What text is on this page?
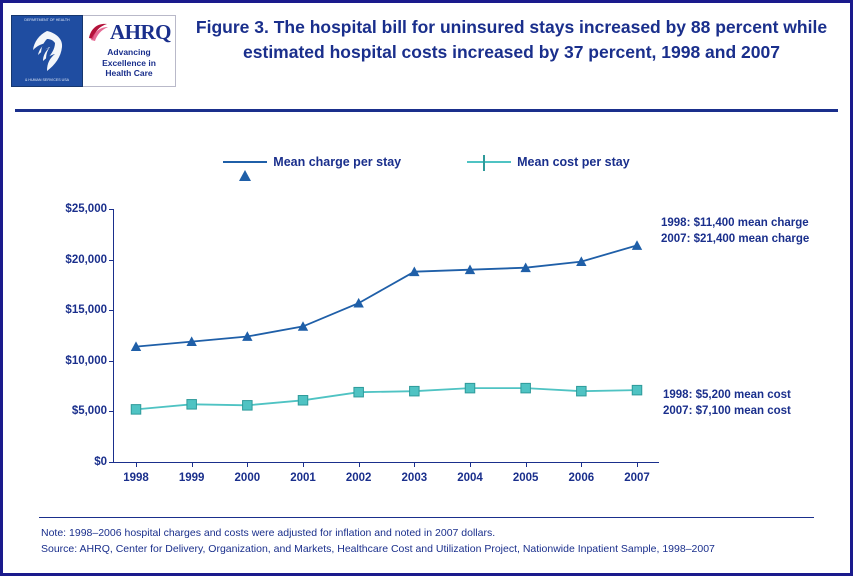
DEPARTMENT OF HEALTH
& HUMAN SERVICES USA
AHRQ
Advancing
Excellence in
Health Care
Figure 3. The hospital bill for uninsured stays increased by 88 percent while estimated hospital costs increased by 37 percent, 1998 and 2007
Mean charge per stay	Mean cost per stay
$0
$5,000
$10,000
$15,000
$20,000
$25,000
1998	1999	2000	2001	2002	2003	2004	2005	2006	2007
1998: $11,400 mean charge
2007: $21,400 mean charge
1998: $5,200 mean cost
2007: $7,100 mean cost
Note: 1998–2006 hospital charges and costs were adjusted for inflation and noted in 2007 dollars.
Source: AHRQ, Center for Delivery, Organization, and Markets, Healthcare Cost and Utilization Project, Nationwide Inpatient Sample, 1998–2007
